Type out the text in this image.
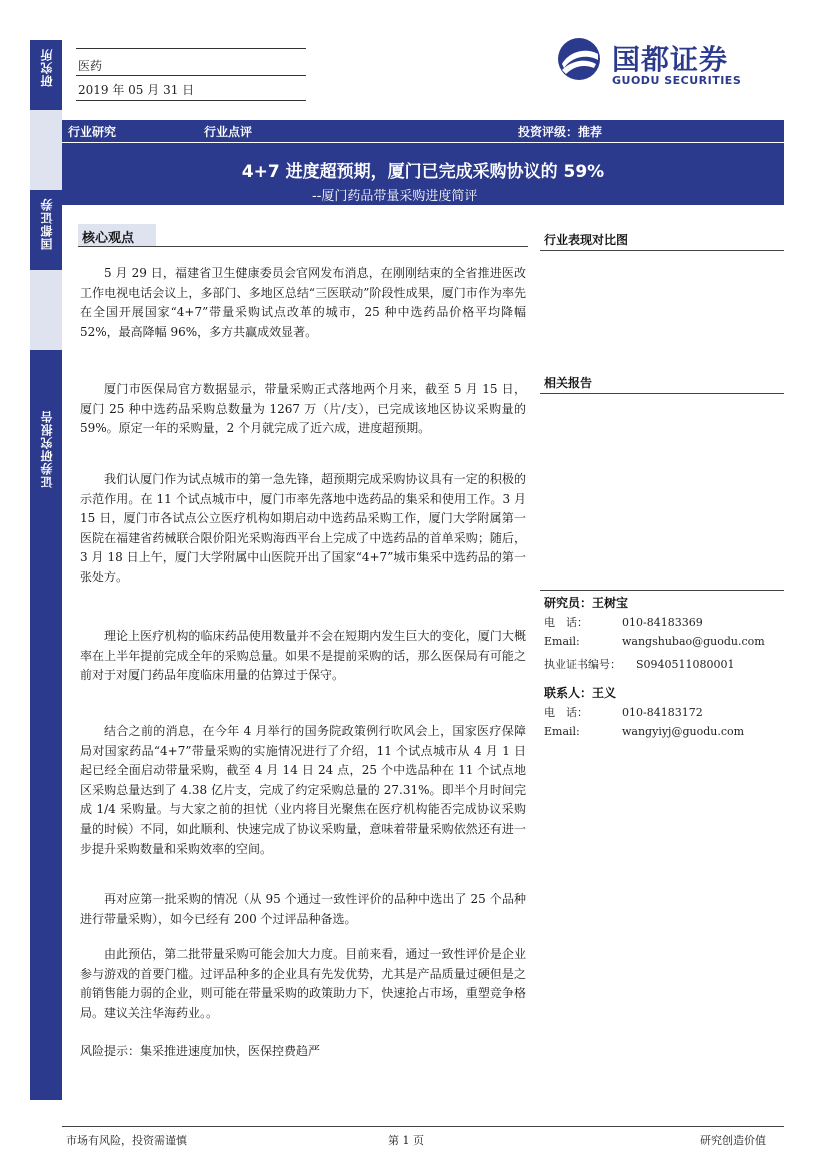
研究所
国都证券
证券研究报告
医药
2019 年 05 月 31 日
国都证券
GUODU SECURITIES
行业研究	行业点评	投资评级：推荐
4+7 进度超预期，厦门已完成采购协议的 59%
--厦门药品带量采购进度简评
核心观点
5 月 29 日，福建省卫生健康委员会官网发布消息，在刚刚结束的全省推进医改工作电视电话会议上，多部门、多地区总结“三医联动”阶段性成果，厦门市作为率先在全国开展国家“4+7”带量采购试点改革的城市，25 种中选药品价格平均降幅 52%，最高降幅 96%，多方共赢成效显著。
厦门市医保局官方数据显示，带量采购正式落地两个月来，截至 5 月 15 日，厦门 25 种中选药品采购总数量为 1267 万（片/支），已完成该地区协议采购量的 59%。原定一年的采购量，2 个月就完成了近六成，进度超预期。
我们认厦门作为试点城市的第一急先锋，超预期完成采购协议具有一定的积极的示范作用。在 11 个试点城市中，厦门市率先落地中选药品的集采和使用工作。3 月 15 日，厦门市各试点公立医疗机构如期启动中选药品采购工作，厦门大学附属第一医院在福建省药械联合限价阳光采购海西平台上完成了中选药品的首单采购；随后，3 月 18 日上午，厦门大学附属中山医院开出了国家“4+7”城市集采中选药品的第一张处方。
理论上医疗机构的临床药品使用数量并不会在短期内发生巨大的变化，厦门大概率在上半年提前完成全年的采购总量。如果不是提前采购的话，那么医保局有可能之前对于对厦门药品年度临床用量的估算过于保守。
结合之前的消息，在今年 4 月举行的国务院政策例行吹风会上，国家医疗保障局对国家药品“4+7”带量采购的实施情况进行了介绍，11 个试点城市从 4 月 1 日起已经全面启动带量采购，截至 4 月 14 日 24 点，25 个中选品种在 11 个试点地区采购总量达到了 4.38 亿片支，完成了约定采购总量的 27.31%。即半个月时间完成 1/4 采购量。与大家之前的担忧（业内将目光聚焦在医疗机构能否完成协议采购量的时候）不同，如此顺利、快速完成了协议采购量，意味着带量采购依然还有进一步提升采购数量和采购效率的空间。
再对应第一批采购的情况（从 95 个通过一致性评价的品种中选出了 25 个品种进行带量采购），如今已经有 200 个过评品种备选。
由此预估，第二批带量采购可能会加大力度。目前来看，通过一致性评价是企业参与游戏的首要门槛。过评品种多的企业具有先发优势，尤其是产品质量过硬但是之前销售能力弱的企业，则可能在带量采购的政策助力下，快速抢占市场，重塑竞争格局。建议关注华海药业。。
风险提示：集采推进速度加快，医保控费趋严
行业表现对比图
相关报告
研究员：王树宝
电　话：	010-84183369
Email:	wangshubao@guodu.com
执业证书编号： S0940511080001
联系人：王义
电　话：	010-84183172
Email:	wangyiyj@guodu.com
市场有风险，投资需谨慎	第 1 页	研究创造价值
